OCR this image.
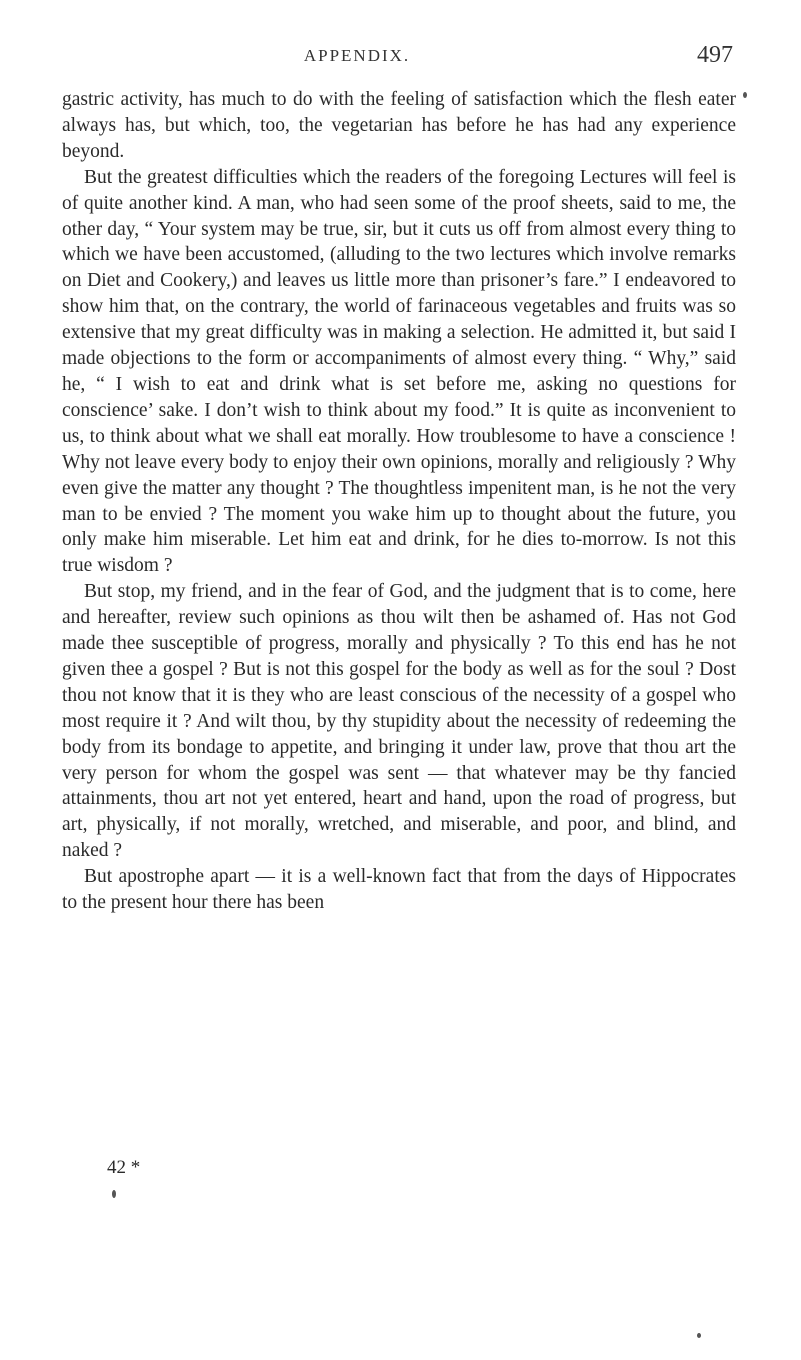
APPENDIX.	497

gastric activity, has much to do with the feeling of satisfaction which the flesh eater always has, but which, too, the vegetarian has before he has had any experience beyond.

But the greatest difficulties which the readers of the foregoing Lectures will feel is of quite another kind. A man, who had seen some of the proof sheets, said to me, the other day, “ Your system may be true, sir, but it cuts us off from almost every thing to which we have been accustomed, (alluding to the two lectures which involve remarks on Diet and Cookery,) and leaves us little more than prisoner’s fare.” I endeavored to show him that, on the contrary, the world of farinaceous vegetables and fruits was so extensive that my great difficulty was in making a selection. He admitted it, but said I made objections to the form or accompaniments of almost every thing. “ Why,” said he, “ I wish to eat and drink what is set before me, asking no questions for conscience’ sake. I don’t wish to think about my food.” It is quite as inconvenient to us, to think about what we shall eat morally. How troublesome to have a conscience ! Why not leave every body to enjoy their own opinions, morally and religiously ? Why even give the matter any thought ? The thoughtless impenitent man, is he not the very man to be envied ? The moment you wake him up to thought about the future, you only make him miserable. Let him eat and drink, for he dies to-morrow. Is not this true wisdom ?

But stop, my friend, and in the fear of God, and the judgment that is to come, here and hereafter, review such opinions as thou wilt then be ashamed of. Has not God made thee susceptible of progress, morally and physically ? To this end has he not given thee a gospel ? But is not this gospel for the body as well as for the soul ? Dost thou not know that it is they who are least conscious of the necessity of a gospel who most require it ? And wilt thou, by thy stupidity about the necessity of redeeming the body from its bondage to appetite, and bringing it under law, prove that thou art the very person for whom the gospel was sent — that whatever may be thy fancied attainments, thou art not yet entered, heart and hand, upon the road of progress, but art, physically, if not morally, wretched, and miserable, and poor, and blind, and naked ?

But apostrophe apart — it is a well-known fact that from the days of Hippocrates to the present hour there has been

42 *
